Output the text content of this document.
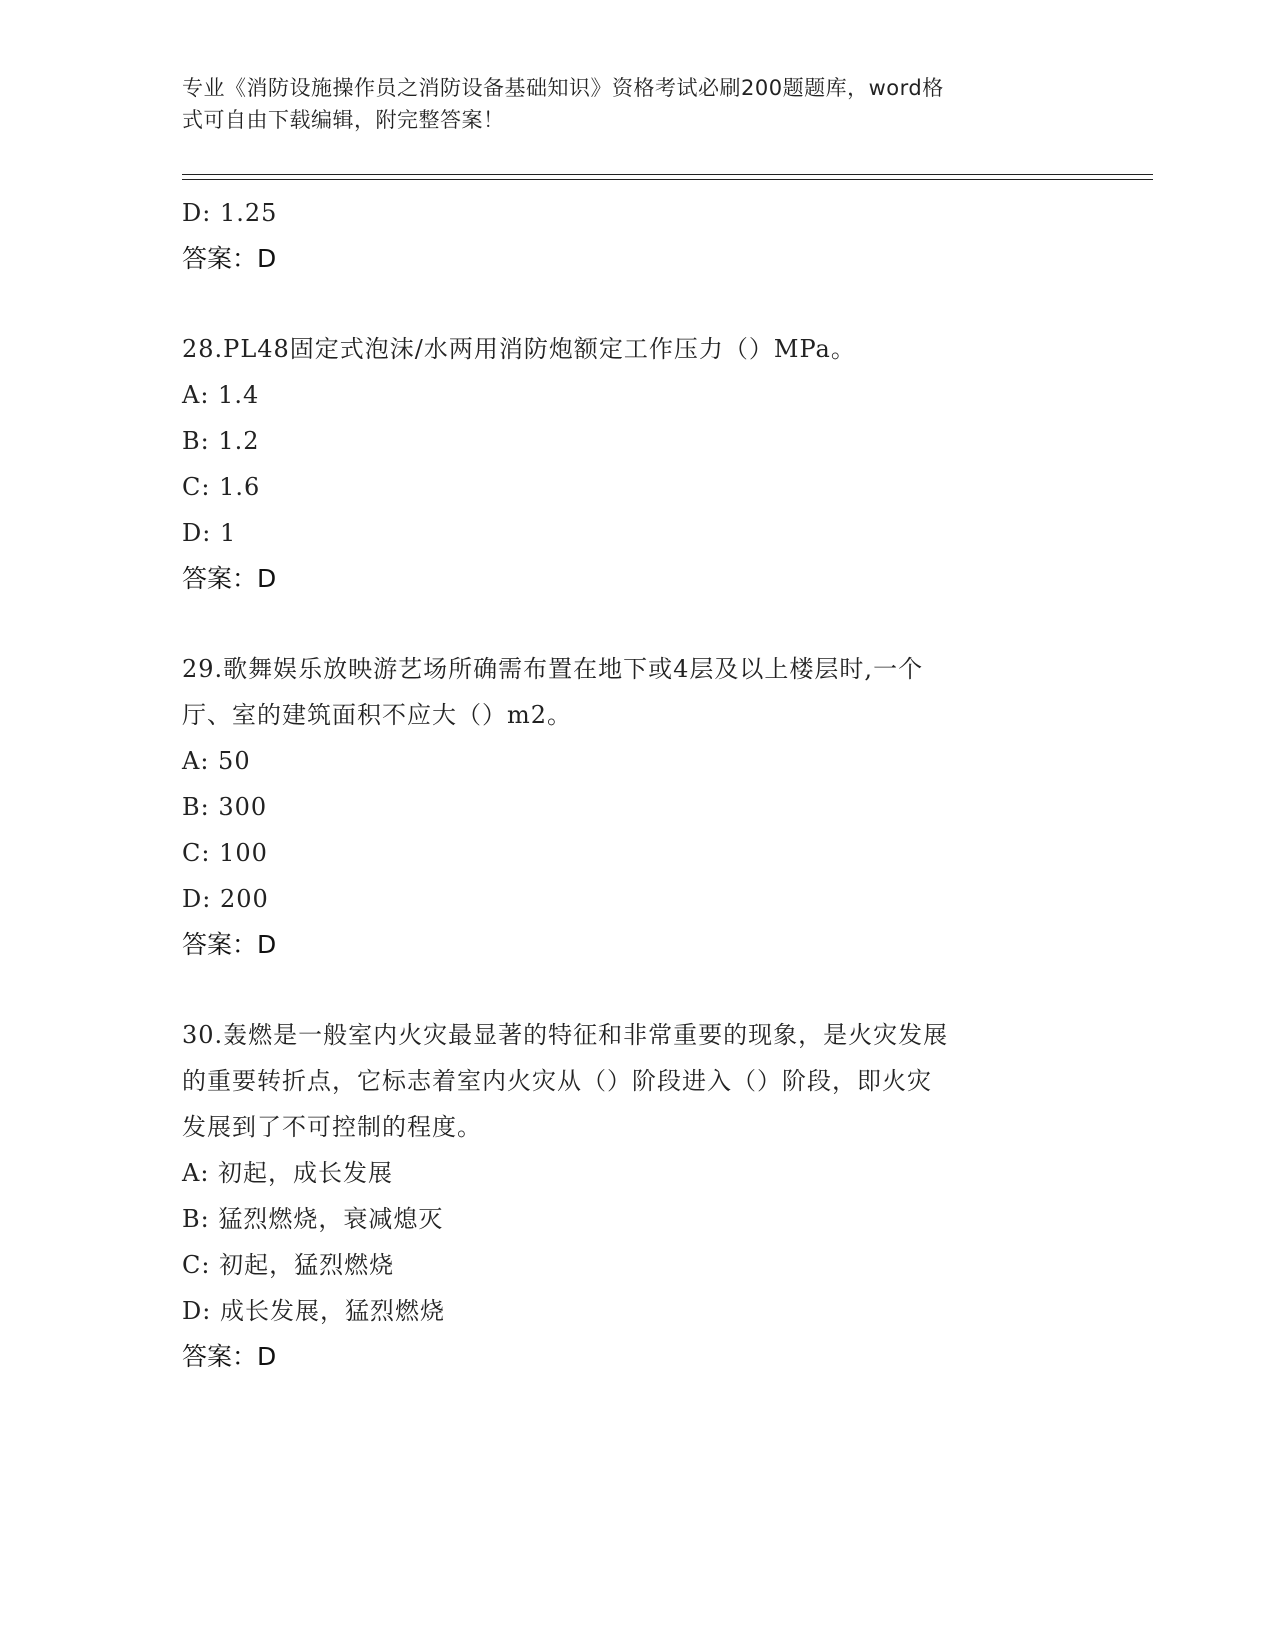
专业《消防设施操作员之消防设备基础知识》资格考试必刷200题题库，word格
式可自由下载编辑，附完整答案！
D: 1.25
答案：D
28.PL48固定式泡沫/水两用消防炮额定工作压力（）MPa。
A: 1.4
B: 1.2
C: 1.6
D: 1
答案：D
29.歌舞娱乐放映游艺场所确需布置在地下或4层及以上楼层时,一个
厅、室的建筑面积不应大（）m2。
A: 50
B: 300
C: 100
D: 200
答案：D
30.轰燃是一般室内火灾最显著的特征和非常重要的现象，是火灾发展
的重要转折点，它标志着室内火灾从（）阶段进入（）阶段，即火灾
发展到了不可控制的程度。
A: 初起，成长发展
B: 猛烈燃烧，衰减熄灭
C: 初起，猛烈燃烧
D: 成长发展，猛烈燃烧
答案：D
